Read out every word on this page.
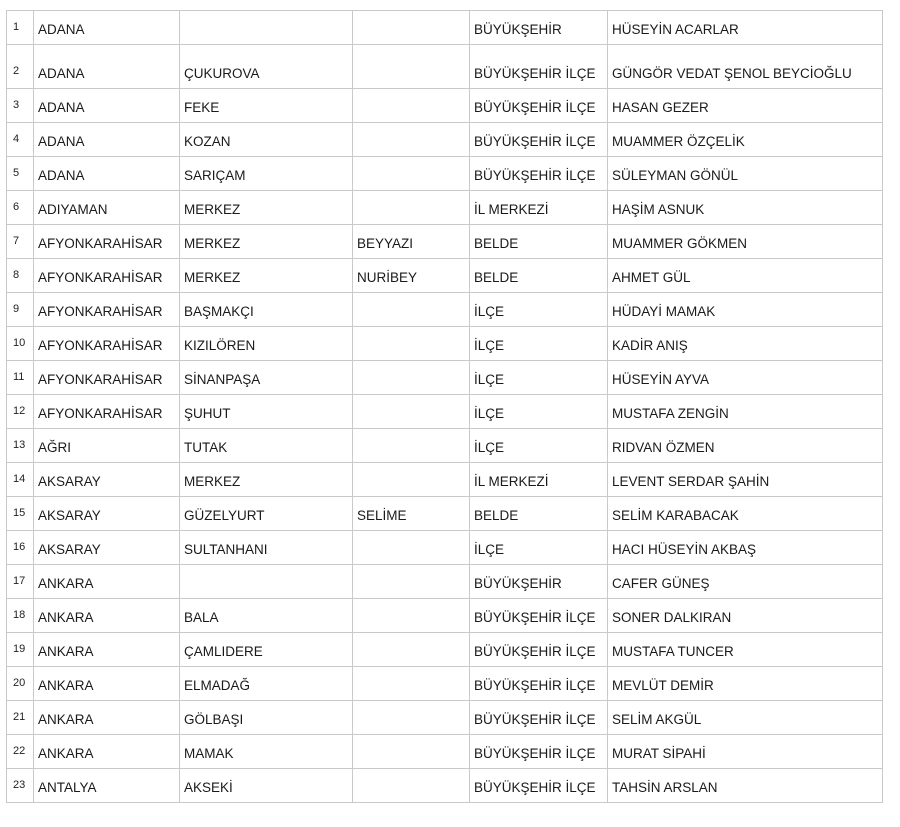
1	ADANA			BÜYÜKŞEHİR	HÜSEYİN ACARLAR
2	ADANA	ÇUKUROVA		BÜYÜKŞEHİR İLÇE	GÜNGÖR VEDAT ŞENOL BEYCİOĞLU
3	ADANA	FEKE		BÜYÜKŞEHİR İLÇE	HASAN GEZER
4	ADANA	KOZAN		BÜYÜKŞEHİR İLÇE	MUAMMER ÖZÇELİK
5	ADANA	SARIÇAM		BÜYÜKŞEHİR İLÇE	SÜLEYMAN GÖNÜL
6	ADIYAMAN	MERKEZ		İL MERKEZİ	HAŞİM ASNUK
7	AFYONKARAHİSAR	MERKEZ	BEYYAZI	BELDE	MUAMMER GÖKMEN
8	AFYONKARAHİSAR	MERKEZ	NURİBEY	BELDE	AHMET GÜL
9	AFYONKARAHİSAR	BAŞMAKÇI		İLÇE	HÜDAYİ MAMAK
10	AFYONKARAHİSAR	KIZILÖREN		İLÇE	KADİR ANIŞ
11	AFYONKARAHİSAR	SİNANPAŞA		İLÇE	HÜSEYİN AYVA
12	AFYONKARAHİSAR	ŞUHUT		İLÇE	MUSTAFA ZENGİN
13	AĞRI	TUTAK		İLÇE	RIDVAN ÖZMEN
14	AKSARAY	MERKEZ		İL MERKEZİ	LEVENT SERDAR ŞAHİN
15	AKSARAY	GÜZELYURT	SELİME	BELDE	SELİM KARABACAK
16	AKSARAY	SULTANHANI		İLÇE	HACI HÜSEYİN AKBAŞ
17	ANKARA			BÜYÜKŞEHİR	CAFER GÜNEŞ
18	ANKARA	BALA		BÜYÜKŞEHİR İLÇE	SONER DALKIRAN
19	ANKARA	ÇAMLIDERE		BÜYÜKŞEHİR İLÇE	MUSTAFA TUNCER
20	ANKARA	ELMADAĞ		BÜYÜKŞEHİR İLÇE	MEVLÜT DEMİR
21	ANKARA	GÖLBAŞI		BÜYÜKŞEHİR İLÇE	SELİM AKGÜL
22	ANKARA	MAMAK		BÜYÜKŞEHİR İLÇE	MURAT SİPAHİ
23	ANTALYA	AKSEKİ		BÜYÜKŞEHİR İLÇE	TAHSİN ARSLAN
